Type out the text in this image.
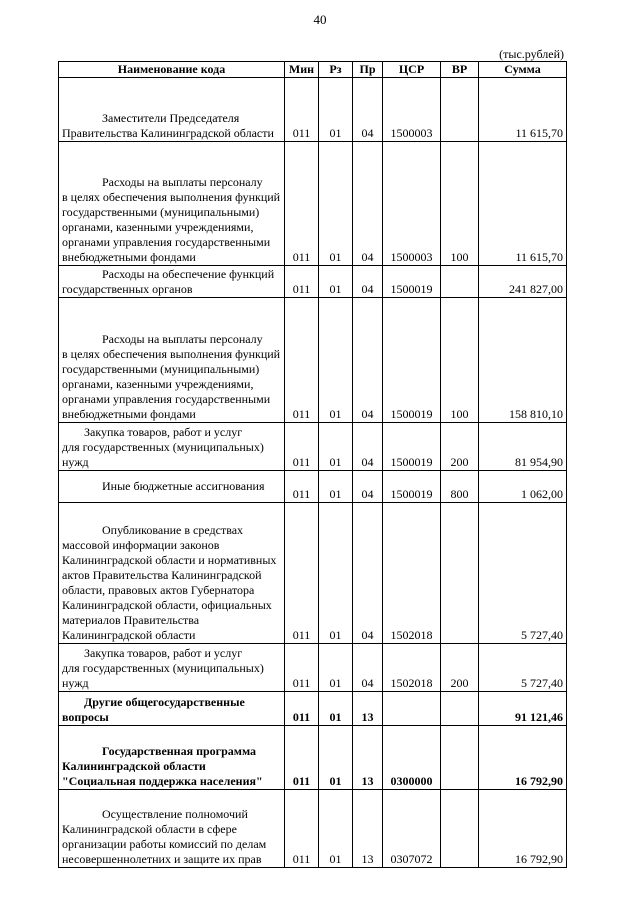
40
(тыс.рублей)
Наименование кода	Мин	Рз	Пр	ЦСР	ВР	Сумма
Заместители Председателя
Правительства Калининградской области	011	01	04	1500003		11 615,70
Расходы на выплаты персоналу
в целях обеспечения выполнения функций государственными (муниципальными) органами, казенными учреждениями, органами управления государственными внебюджетными фондами	011	01	04	1500003	100	11 615,70
Расходы на обеспечение функций
государственных органов	011	01	04	1500019		241 827,00
Расходы на выплаты персоналу
в целях обеспечения выполнения функций государственными (муниципальными) органами, казенными учреждениями, органами управления государственными внебюджетными фондами	011	01	04	1500019	100	158 810,10
Закупка товаров, работ и услуг
для государственных (муниципальных) нужд	011	01	04	1500019	200	81 954,90
Иные бюджетные ассигнования	011	01	04	1500019	800	1 062,00
Опубликование в средствах
массовой информации законов Калининградской области и нормативных актов Правительства Калининградской области, правовых актов Губернатора Калининградской области, официальных материалов Правительства Калининградской области	011	01	04	1502018		5 727,40
Закупка товаров, работ и услуг
для государственных (муниципальных) нужд	011	01	04	1502018	200	5 727,40
Другие общегосударственные
вопросы	011	01	13			91 121,46
Государственная программа
Калининградской области "Социальная поддержка населения"	011	01	13	0300000		16 792,90
Осуществление полномочий
Калининградской области в сфере организации работы комиссий по делам несовершеннолетних и защите их прав	011	01	13	0307072		16 792,90
